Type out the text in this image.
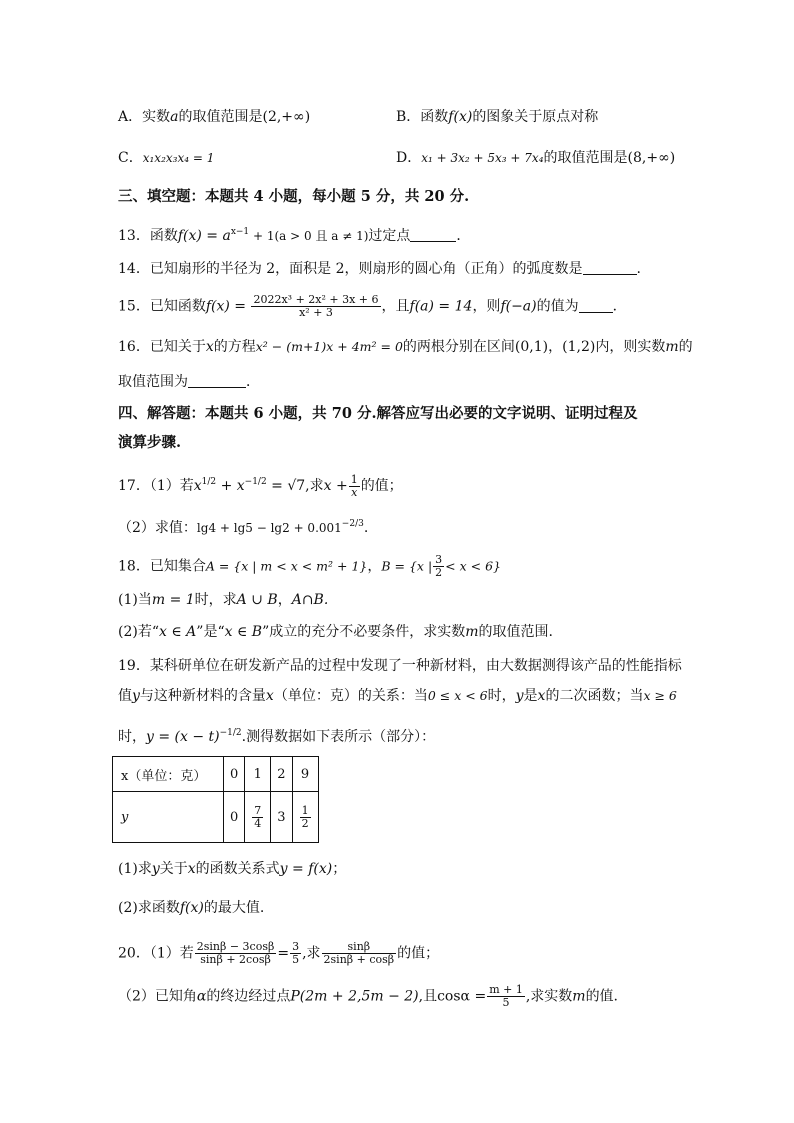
A．实数a的取值范围是(2,+∞)	B．函数f(x)的图象关于原点对称
C．x₁x₂x₃x₄ = 1	D．x₁ + 3x₂ + 5x₃ + 7x₄的取值范围是(8,+∞)
三、填空题：本题共 4 小题，每小题 5 分，共 20 分.
13．函数$f(x) = a^{x-1} + 1(a > 0$ 且 a ≠ 1)过定点	．
14．已知扇形的半径为 2，面积是 2，则扇形的圆心角（正角）的弧度数是	.
15．已知函数$f(x) = \frac{\text{2022x³ + 2x² + 3x + 6}}{\text{x² + 3}}$ ，且f(a) = 14，则f(−a)的值为 ．
16．已知关于x的方程x² − (m+1)x + 4m² = 0的两根分别在区间(0,1)，(1,2)内，则实数m的
取值范围为	．
四、解答题：本题共 6 小题，共 70 分.解答应写出必要的文字说明、证明过程及
演算步骤.
17．（1）若$x^{1/2} + x^{-1/2} = √7$,求$x + \frac{1}{x}$ 的值；
（2）求值：$\lg 4 + \lg 5 - \lg 2 + 0.001^{-2/3}$.
18．已知集合A = {x | m < x < m² + 1}，B = {x | $\frac{3}{2} < x < 6$}
(1)当m = 1时，求A ∪ B，A∩B.
(2)若“x ∈ A”是“x ∈ B”成立的充分不必要条件，求实数m的取值范围.
19．某科研单位在研发新产品的过程中发现了一种新材料，由大数据测得该产品的性能指标
值y与这种新材料的含量x（单位：克）的关系：当0 ≤ x < 6时，y是x的二次函数；当x ≥ 6
时，$y = (x - t)^{-1/2}$.测得数据如下表所示（部分）：
x（单位：克）	0	1	2	9
y	0	$\frac{7}{4}$	3	$\frac{1}{2}$
(1)求y关于x的函数关系式y = f(x)；
(2)求函数f(x)的最大值.
20．（1）若 $\frac{2\sin\beta - 3\cos\beta}{\sin\beta + 2\cos\beta} = \frac{3}{5}$ ,求 $\frac{\sin\beta}{2\sin\beta + \cos\beta}$ 的值；
（2）已知角α的终边经过点P(2m + 2,5m − 2),且$\cos\alpha = \frac{m + 1}{5}$ ,求实数m的值.
